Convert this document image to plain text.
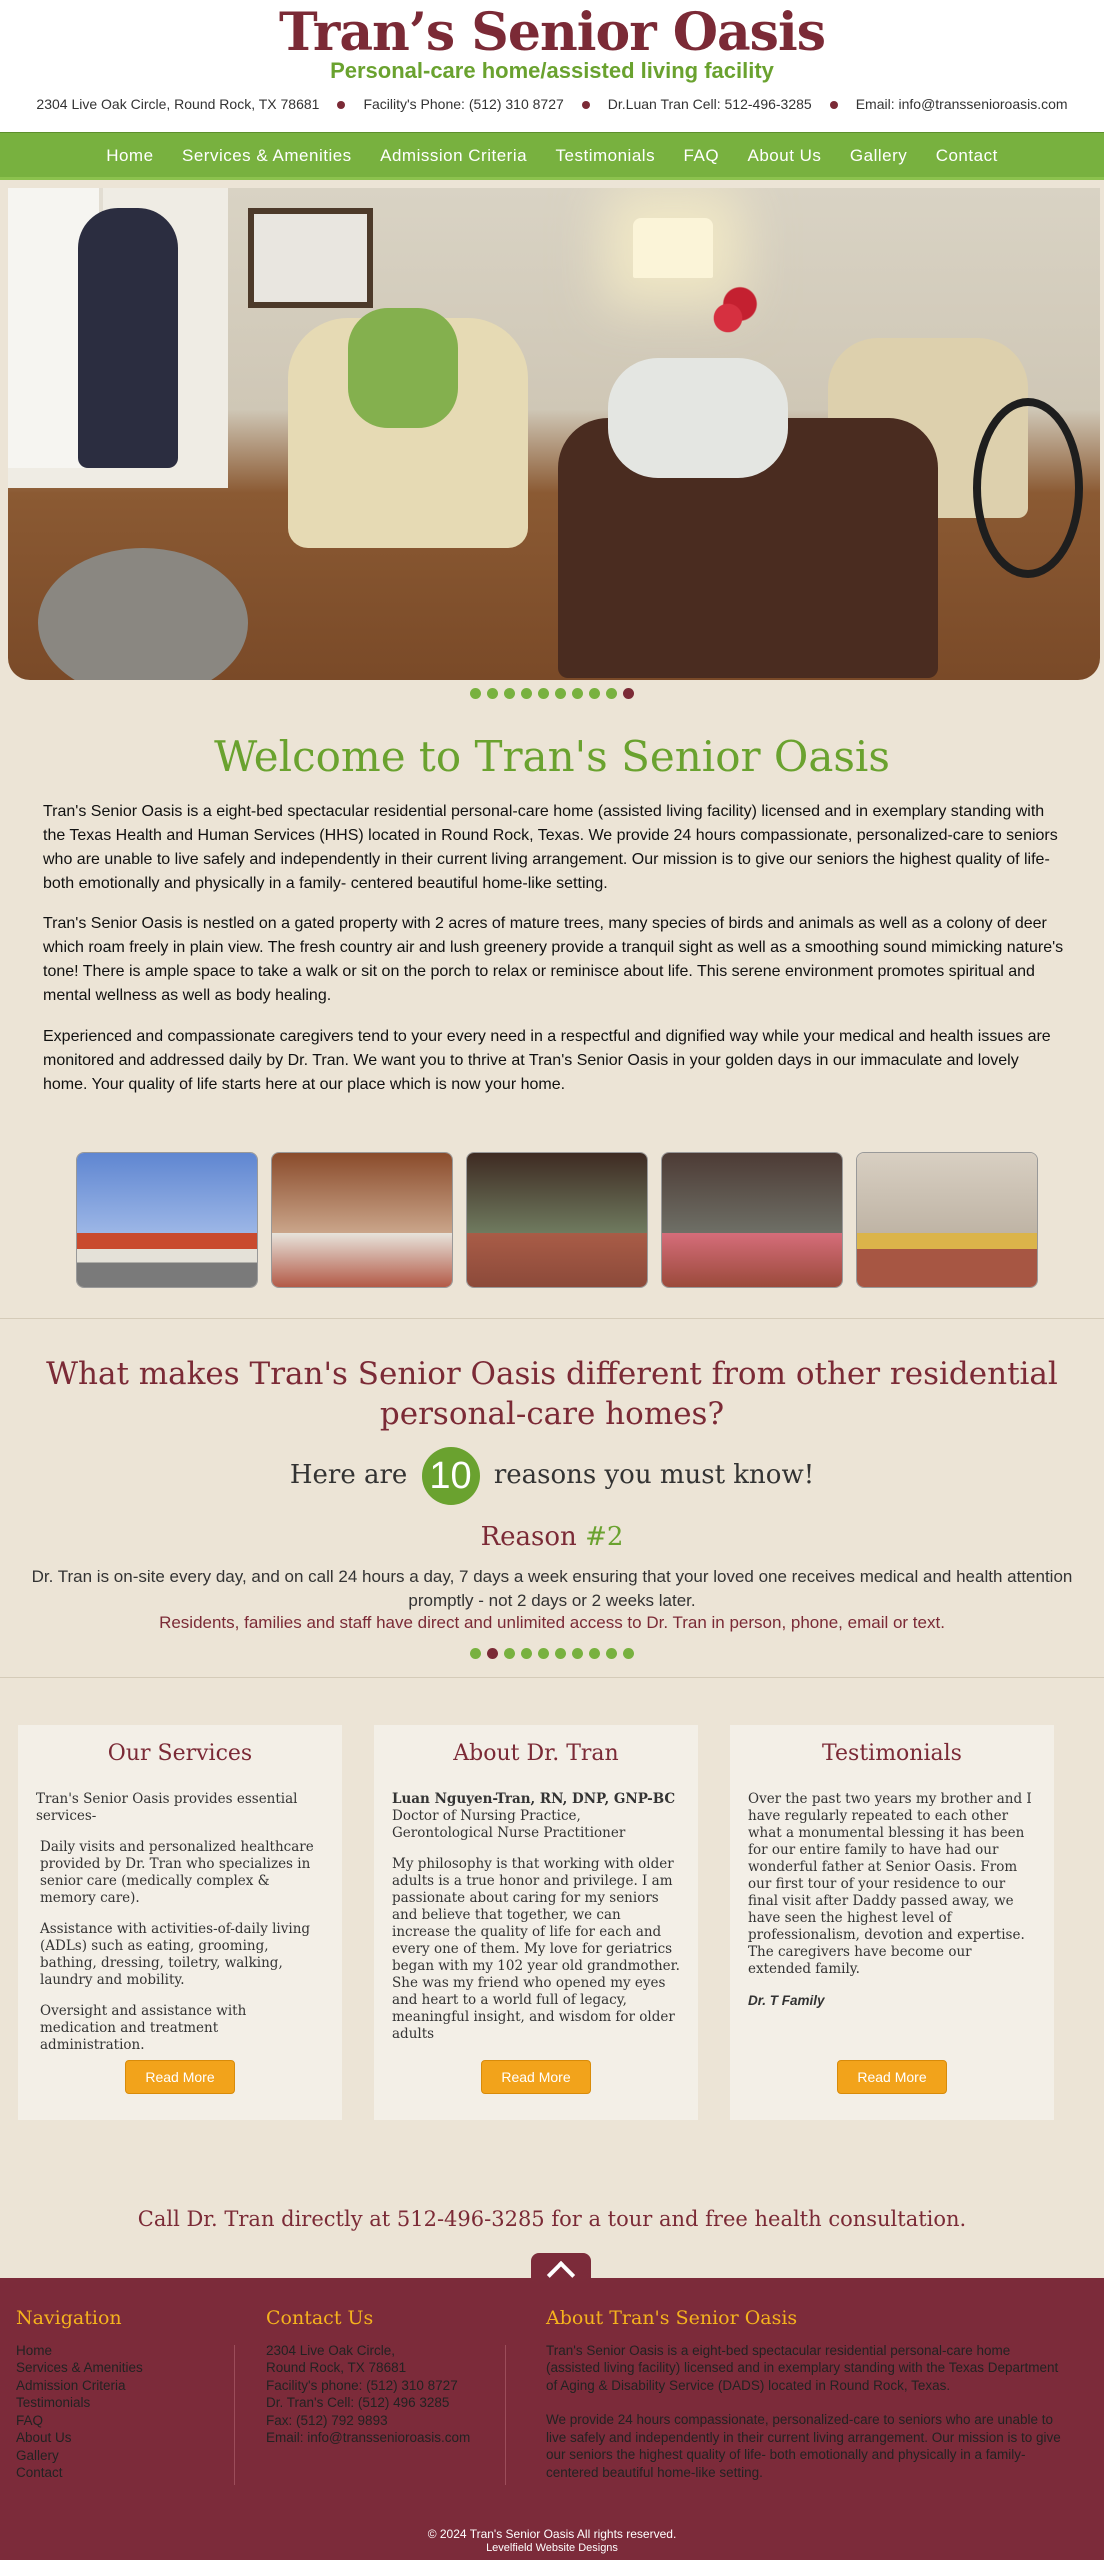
Tran’s Senior Oasis
Personal-care home/assisted living facility
2304 Live Oak Circle, Round Rock, TX 78681	Facility's Phone: (512) 310 8727	Dr.Luan Tran Cell: 512-496-3285	Email: info@transsenioroasis.com
Home Services & Amenities Admission Criteria Testimonials FAQ About Us Gallery Contact
Welcome to Tran's Senior Oasis

Tran's Senior Oasis is a eight-bed spectacular residential personal-care home (assisted living facility) licensed and in exemplary standing with the Texas Health and Human Services (HHS) located in Round Rock, Texas. We provide 24 hours compassionate, personalized-care to seniors who are unable to live safely and independently in their current living arrangement. Our mission is to give our seniors the highest quality of life- both emotionally and physically in a family- centered beautiful home-like setting.

Tran's Senior Oasis is nestled on a gated property with 2 acres of mature trees, many species of birds and animals as well as a colony of deer which roam freely in plain view. The fresh country air and lush greenery provide a tranquil sight as well as a smoothing sound mimicking nature's tone! There is ample space to take a walk or sit on the porch to relax or reminisce about life. This serene environment promotes spiritual and mental wellness as well as body healing.

Experienced and compassionate caregivers tend to your every need in a respectful and dignified way while your medical and health issues are monitored and addressed daily by Dr. Tran. We want you to thrive at Tran's Senior Oasis in your golden days in our immaculate and lovely home. Your quality of life starts here at our place which is now your home.

What makes Tran's Senior Oasis different from other residential personal-care homes?
Here are 10 reasons you must know!
Reason #2
Dr. Tran is on-site every day, and on call 24 hours a day, 7 days a week ensuring that your loved one receives medical and health attention promptly - not 2 days or 2 weeks later.
Residents, families and staff have direct and unlimited access to Dr. Tran in person, phone, email or text.
Our Services

Tran's Senior Oasis provides essential services-

Daily visits and personalized healthcare provided by Dr. Tran who specializes in senior care (medically complex & memory care).

Assistance with activities-of-daily living (ADLs) such as eating, grooming, bathing, dressing, toiletry, walking, laundry and mobility.

Oversight and assistance with medication and treatment administration.

Read More
About Dr. Tran

Luan Nguyen-Tran, RN, DNP, GNP-BC

Doctor of Nursing Practice, Gerontological Nurse Practitioner

My philosophy is that working with older adults is a true honor and privilege. I am passionate about caring for my seniors and believe that together, we can increase the quality of life for each and every one of them. My love for geriatrics began with my 102 year old grandmother. She was my friend who opened my eyes and heart to a world full of legacy, meaningful insight, and wisdom for older adults

Read More
Testimonials

Over the past two years my brother and I have regularly repeated to each other what a monumental blessing it has been for our entire family to have had our wonderful father at Senior Oasis. From our first tour of your residence to our final visit after Daddy passed away, we have seen the highest level of professionalism, devotion and expertise. The caregivers have become our extended family.

Dr. T Family

Read More
Call Dr. Tran directly at 512-496-3285 for a tour and free health consultation.
Navigation
Home
Services & Amenities
Admission Criteria
Testimonials
FAQ
About Us
Gallery
Contact
Contact Us
2304 Live Oak Circle,
Round Rock, TX 78681
Facility's phone: (512) 310 8727
Dr. Tran's Cell: (512) 496 3285
Fax: (512) 792 9893
Email: info@transsenioroasis.com
About Tran's Senior Oasis

Tran's Senior Oasis is a eight-bed spectacular residential personal-care home (assisted living facility) licensed and in exemplary standing with the Texas Department of Aging & Disability Service (DADS) located in Round Rock, Texas.

We provide 24 hours compassionate, personalized-care to seniors who are unable to live safely and independently in their current living arrangement. Our mission is to give our seniors the highest quality of life- both emotionally and physically in a family- centered beautiful home-like setting.

© 2024 Tran's Senior Oasis All rights reserved.
Levelfield Website Designs
